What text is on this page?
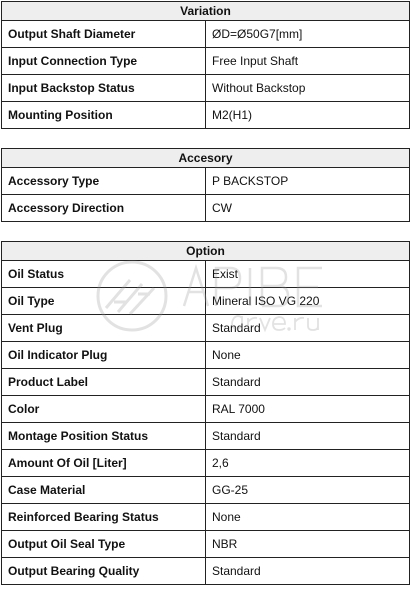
Variation	
Output Shaft Diameter	ØD=Ø50G7[mm]
Input Connection Type	Free Input Shaft
Input Backstop Status	Without Backstop
Mounting Position	M2(H1)
Accesory	
Accessory Type	P BACKSTOP
Accessory Direction	CW
Option	
Oil Status	Exist
Oil Type	Mineral ISO VG 220
Vent Plug	Standard
Oil Indicator Plug	None
Product Label	Standard
Color	RAL 7000
Montage Position Status	Standard
Amount Of Oil [Liter]	2,6
Case Material	GG-25
Reinforced Bearing Status	None
Output Oil Seal Type	NBR
Output Bearing Quality	Standard
